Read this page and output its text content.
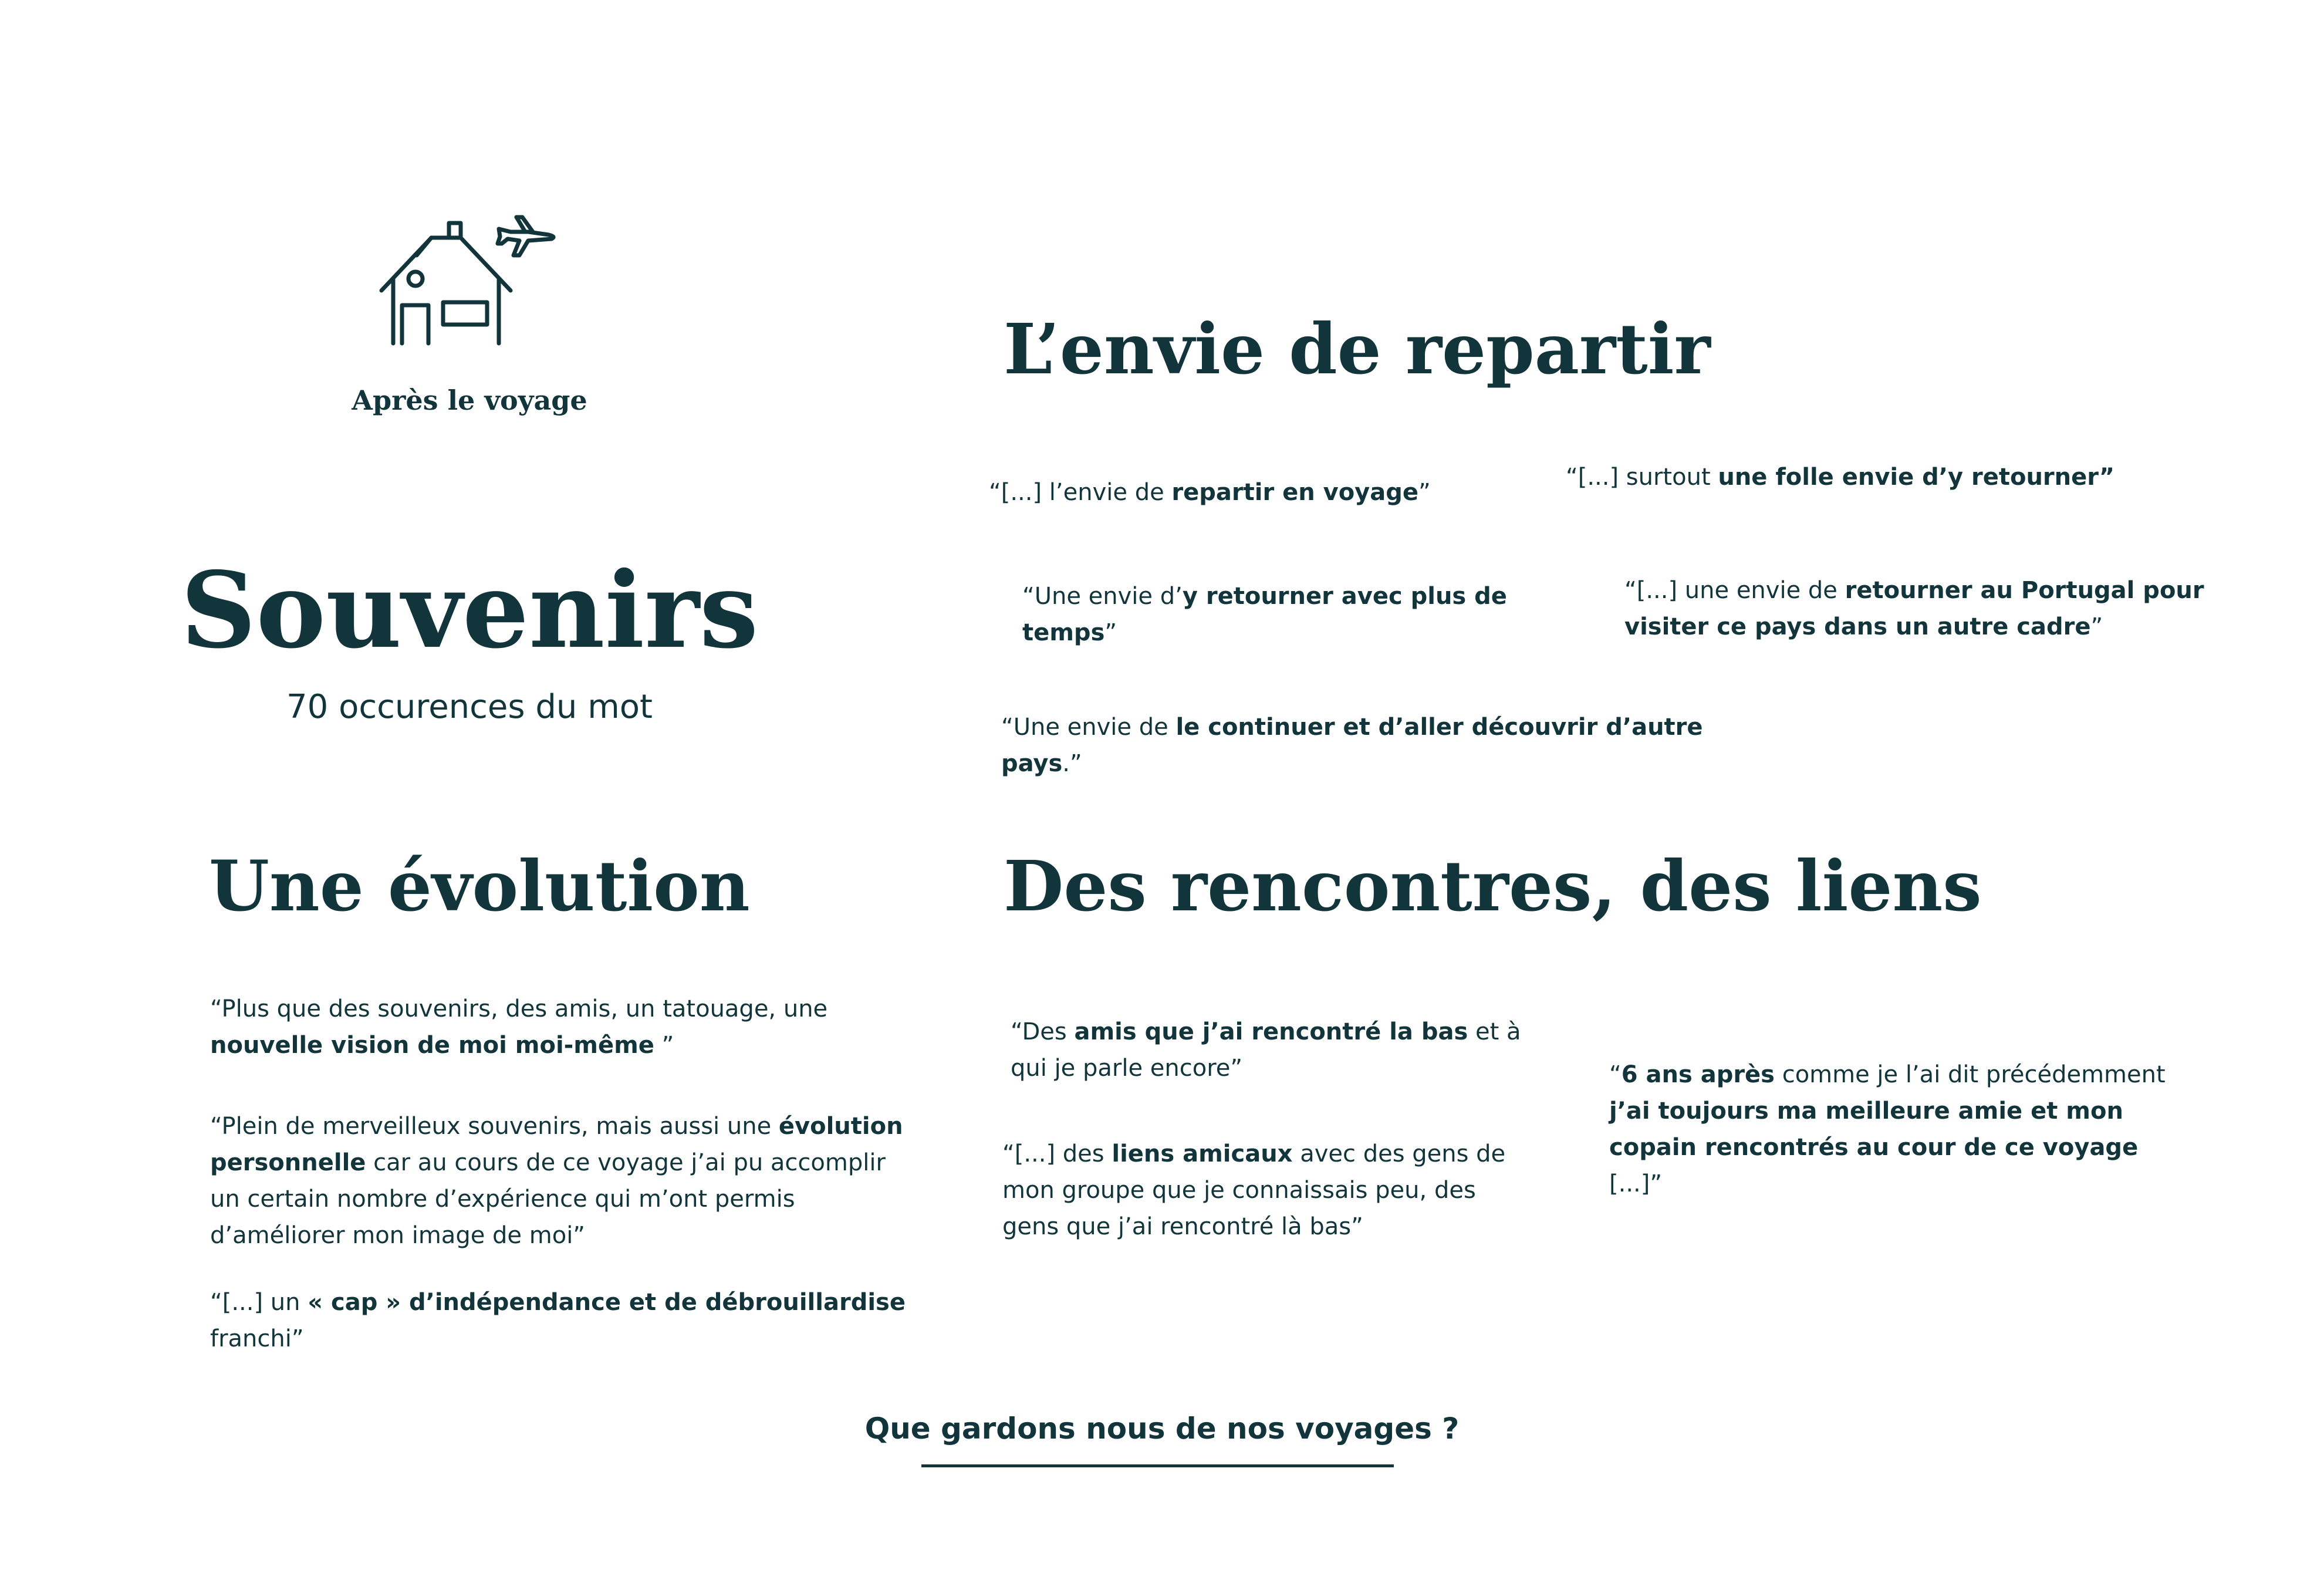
Après le voyage
Souvenirs
70 occurences du mot
L’envie de repartir
“[...] l’envie de repartir en voyage”
“[...] surtout une folle envie d’y retourner”
“Une envie d’y retourner avec plus de temps”
“[...] une envie de retourner au Portugal pour visiter ce pays dans un autre cadre”
“Une envie de le continuer et d’aller découvrir d’autre pays.”
Une évolution
“Plus que des souvenirs, des amis, un tatouage, une nouvelle vision de moi moi-même ”
“Plein de merveilleux souvenirs, mais aussi une évolution personnelle car au cours de ce voyage j’ai pu accomplir un certain nombre d’expérience qui m’ont permis d’améliorer mon image de moi”
“[...] un « cap » d’indépendance et de débrouillardise franchi”
Des rencontres, des liens
“Des amis que j’ai rencontré la bas et à qui je parle encore”
“[...] des liens amicaux avec des gens de mon groupe que je connaissais peu, des gens que j’ai rencontré là bas”
“6 ans après comme je l’ai dit précédemment j’ai toujours ma meilleure amie et mon copain rencontrés au cour de ce voyage [...]”
Que gardons nous de nos voyages ?
